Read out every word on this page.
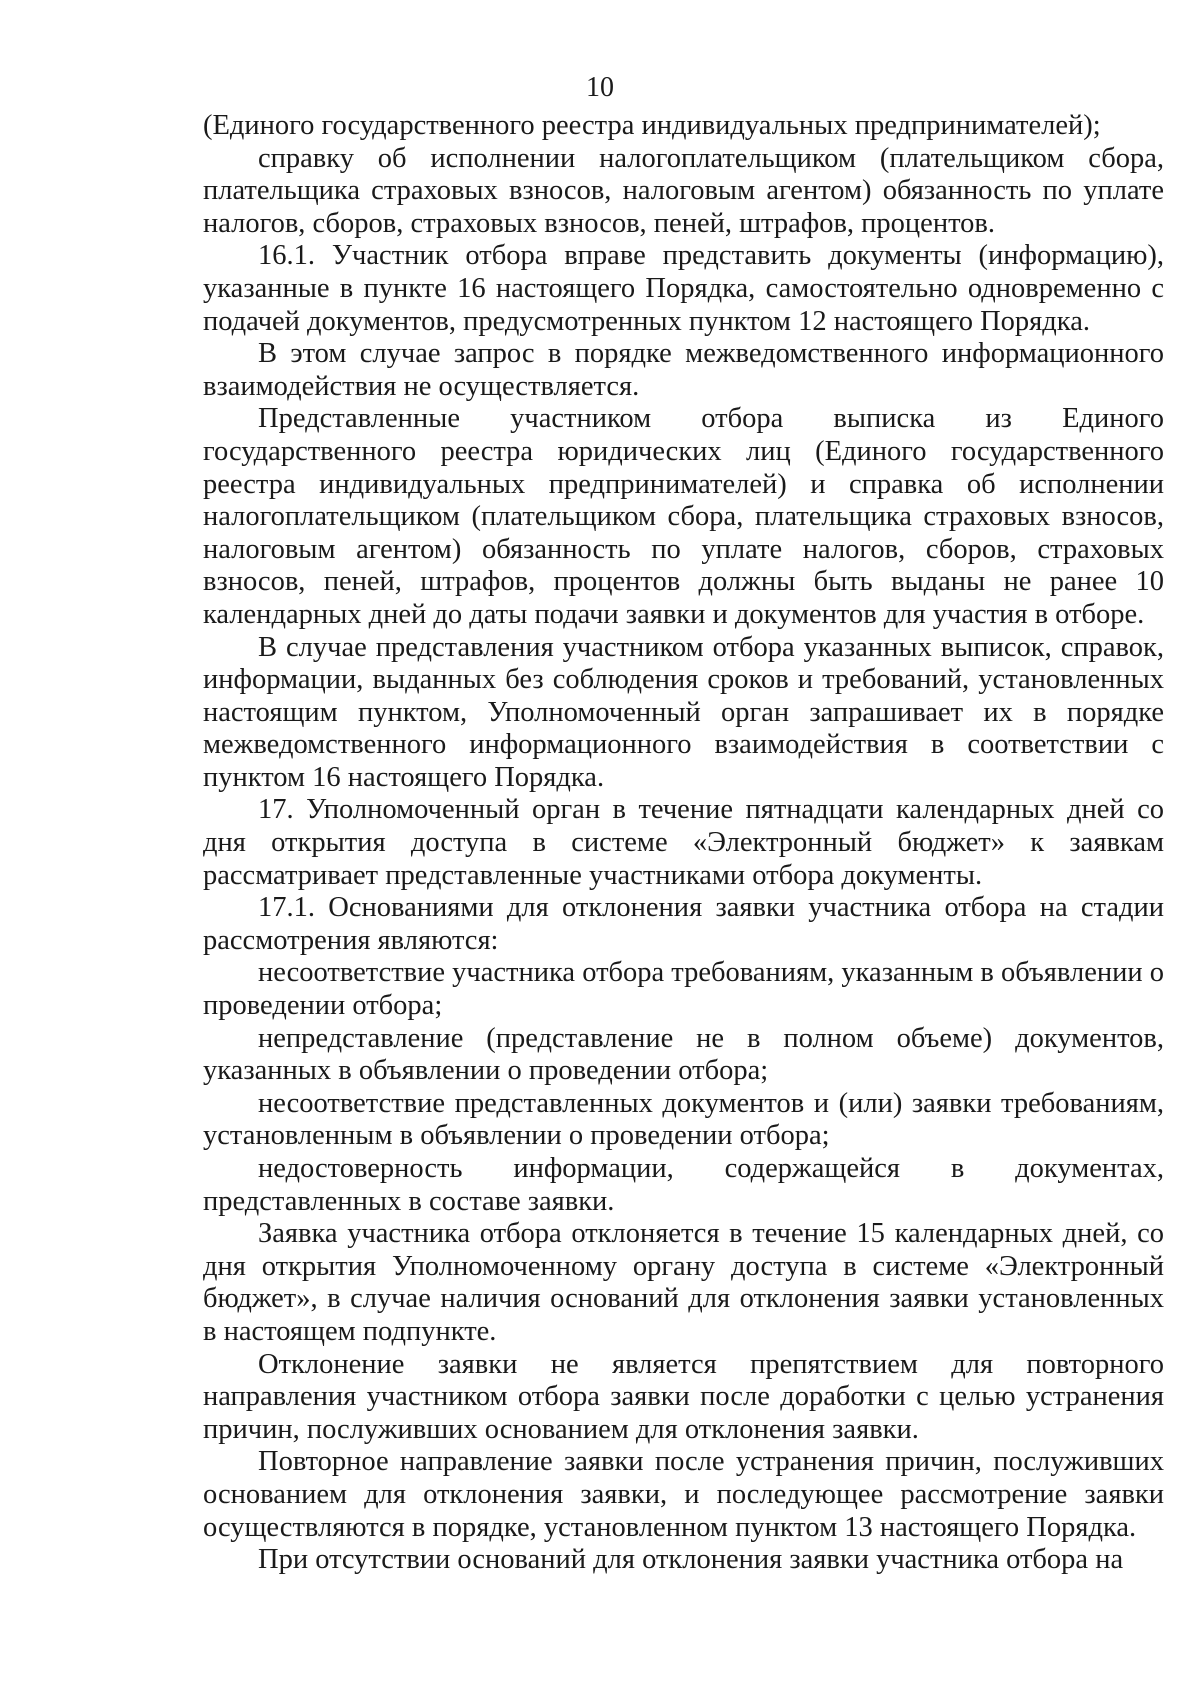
10

(Единого государственного реестра индивидуальных предпринимателей);

справку об исполнении налогоплательщиком (плательщиком сбора, плательщика страховых взносов, налоговым агентом) обязанность по уплате налогов, сборов, страховых взносов, пеней, штрафов, процентов.

16.1. Участник отбора вправе представить документы (информацию), указанные в пункте 16 настоящего Порядка, самостоятельно одновременно с подачей документов, предусмотренных пунктом 12 настоящего Порядка.

В этом случае запрос в порядке межведомственного информационного взаимодействия не осуществляется.

Представленные участником отбора выписка из Единого государственного реестра юридических лиц (Единого государственного реестра индивидуальных предпринимателей) и справка об исполнении налогоплательщиком (плательщиком сбора, плательщика страховых взносов, налоговым агентом) обязанность по уплате налогов, сборов, страховых взносов, пеней, штрафов, процентов должны быть выданы не ранее 10 календарных дней до даты подачи заявки и документов для участия в отборе.

В случае представления участником отбора указанных выписок, справок, информации, выданных без соблюдения сроков и требований, установленных настоящим пунктом, Уполномоченный орган запрашивает их в порядке межведомственного информационного взаимодействия в соответствии с пунктом 16 настоящего Порядка.

17. Уполномоченный орган в течение пятнадцати календарных дней со дня открытия доступа в системе «Электронный бюджет» к заявкам рассматривает представленные участниками отбора документы.

17.1. Основаниями для отклонения заявки участника отбора на стадии рассмотрения являются:

несоответствие участника отбора требованиям, указанным в объявлении о проведении отбора;

непредставление (представление не в полном объеме) документов, указанных в объявлении о проведении отбора;

несоответствие представленных документов и (или) заявки требованиям, установленным в объявлении о проведении отбора;

недостоверность информации, содержащейся в документах, представленных в составе заявки.

Заявка участника отбора отклоняется в течение 15 календарных дней, со дня открытия Уполномоченному органу доступа в системе «Электронный бюджет», в случае наличия оснований для отклонения заявки установленных в настоящем подпункте.

Отклонение заявки не является препятствием для повторного направления участником отбора заявки после доработки с целью устранения причин, послуживших основанием для отклонения заявки.

Повторное направление заявки после устранения причин, послуживших основанием для отклонения заявки, и последующее рассмотрение заявки осуществляются в порядке, установленном пунктом 13 настоящего Порядка.

При отсутствии оснований для отклонения заявки участника отбора на
